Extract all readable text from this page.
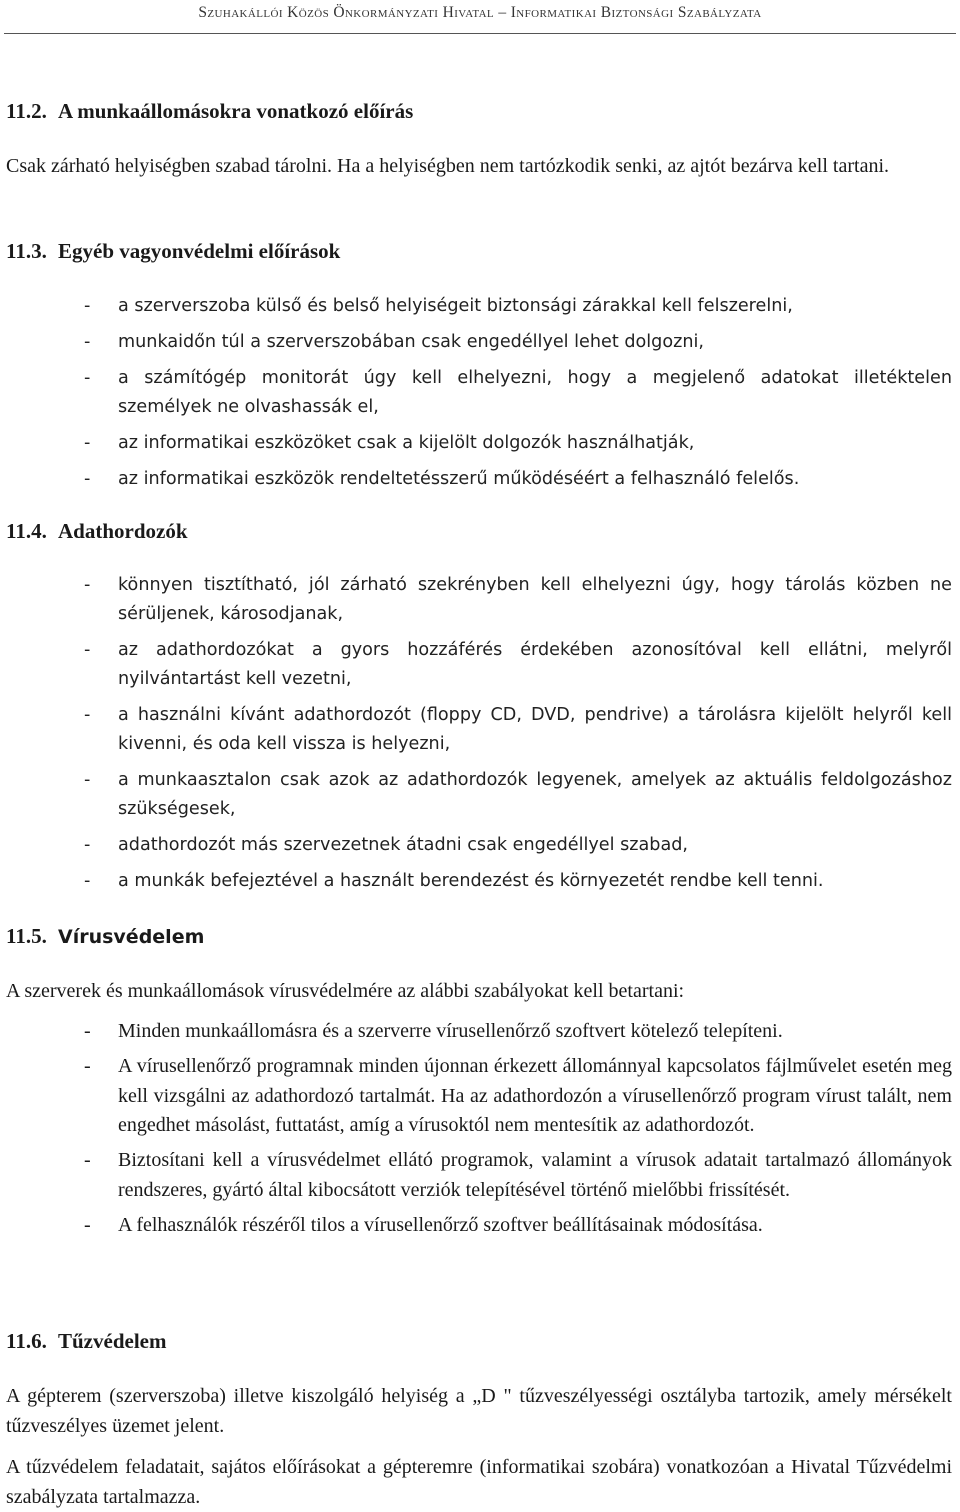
Szuhakállói Közös Önkormányzati Hivatal – Informatikai Biztonsági Szabályzata
11.2. A munkaállomásokra vonatkozó előírás
Csak zárható helyiségben szabad tárolni. Ha a helyiségben nem tartózkodik senki, az ajtót bezárva kell tartani.
11.3. Egyéb vagyonvédelmi előírások
- a szerverszoba külső és belső helyiségeit biztonsági zárakkal kell felszerelni,
- munkaidőn túl a szerverszobában csak engedéllyel lehet dolgozni,
- a számítógép monitorát úgy kell elhelyezni, hogy a megjelenő adatokat illetéktelen személyek ne olvashassák el,
- az informatikai eszközöket csak a kijelölt dolgozók használhatják,
- az informatikai eszközök rendeltetésszerű működéséért a felhasználó felelős.
11.4. Adathordozók
- könnyen tisztítható, jól zárható szekrényben kell elhelyezni úgy, hogy tárolás közben ne sérüljenek, károsodjanak,
- az adathordozókat a gyors hozzáférés érdekében azonosítóval kell ellátni, melyről nyilvántartást kell vezetni,
- a használni kívánt adathordozót (floppy CD, DVD, pendrive) a tárolásra kijelölt helyről kell kivenni, és oda kell vissza is helyezni,
- a munkaasztalon csak azok az adathordozók legyenek, amelyek az aktuális feldolgozáshoz szükségesek,
- adathordozót más szervezetnek átadni csak engedéllyel szabad,
- a munkák befejeztével a használt berendezést és környezetét rendbe kell tenni.
11.5. Vírusvédelem
A szerverek és munkaállomások vírusvédelmére az alábbi szabályokat kell betartani:
- Minden munkaállomásra és a szerverre vírusellenőrző szoftvert kötelező telepíteni.
- A vírusellenőrző programnak minden újonnan érkezett állománnyal kapcsolatos fájlművelet esetén meg kell vizsgálni az adathordozó tartalmát. Ha az adathordozón a vírusellenőrző program vírust talált, nem engedhet másolást, futtatást, amíg a vírusoktól nem mentesítik az adathordozót.
- Biztosítani kell a vírusvédelmet ellátó programok, valamint a vírusok adatait tartalmazó állományok rendszeres, gyártó által kibocsátott verziók telepítésével történő mielőbbi frissítését.
- A felhasználók részéről tilos a vírusellenőrző szoftver beállításainak módosítása.
11.6. Tűzvédelem
A gépterem (szerverszoba) illetve kiszolgáló helyiség a „D " tűzveszélyességi osztályba tartozik, amely mérsékelt tűzveszélyes üzemet jelent.
A tűzvédelem feladatait, sajátos előírásokat a gépteremre (informatikai szobára) vonatkozóan a Hivatal Tűzvédelmi szabályzata tartalmazza.
